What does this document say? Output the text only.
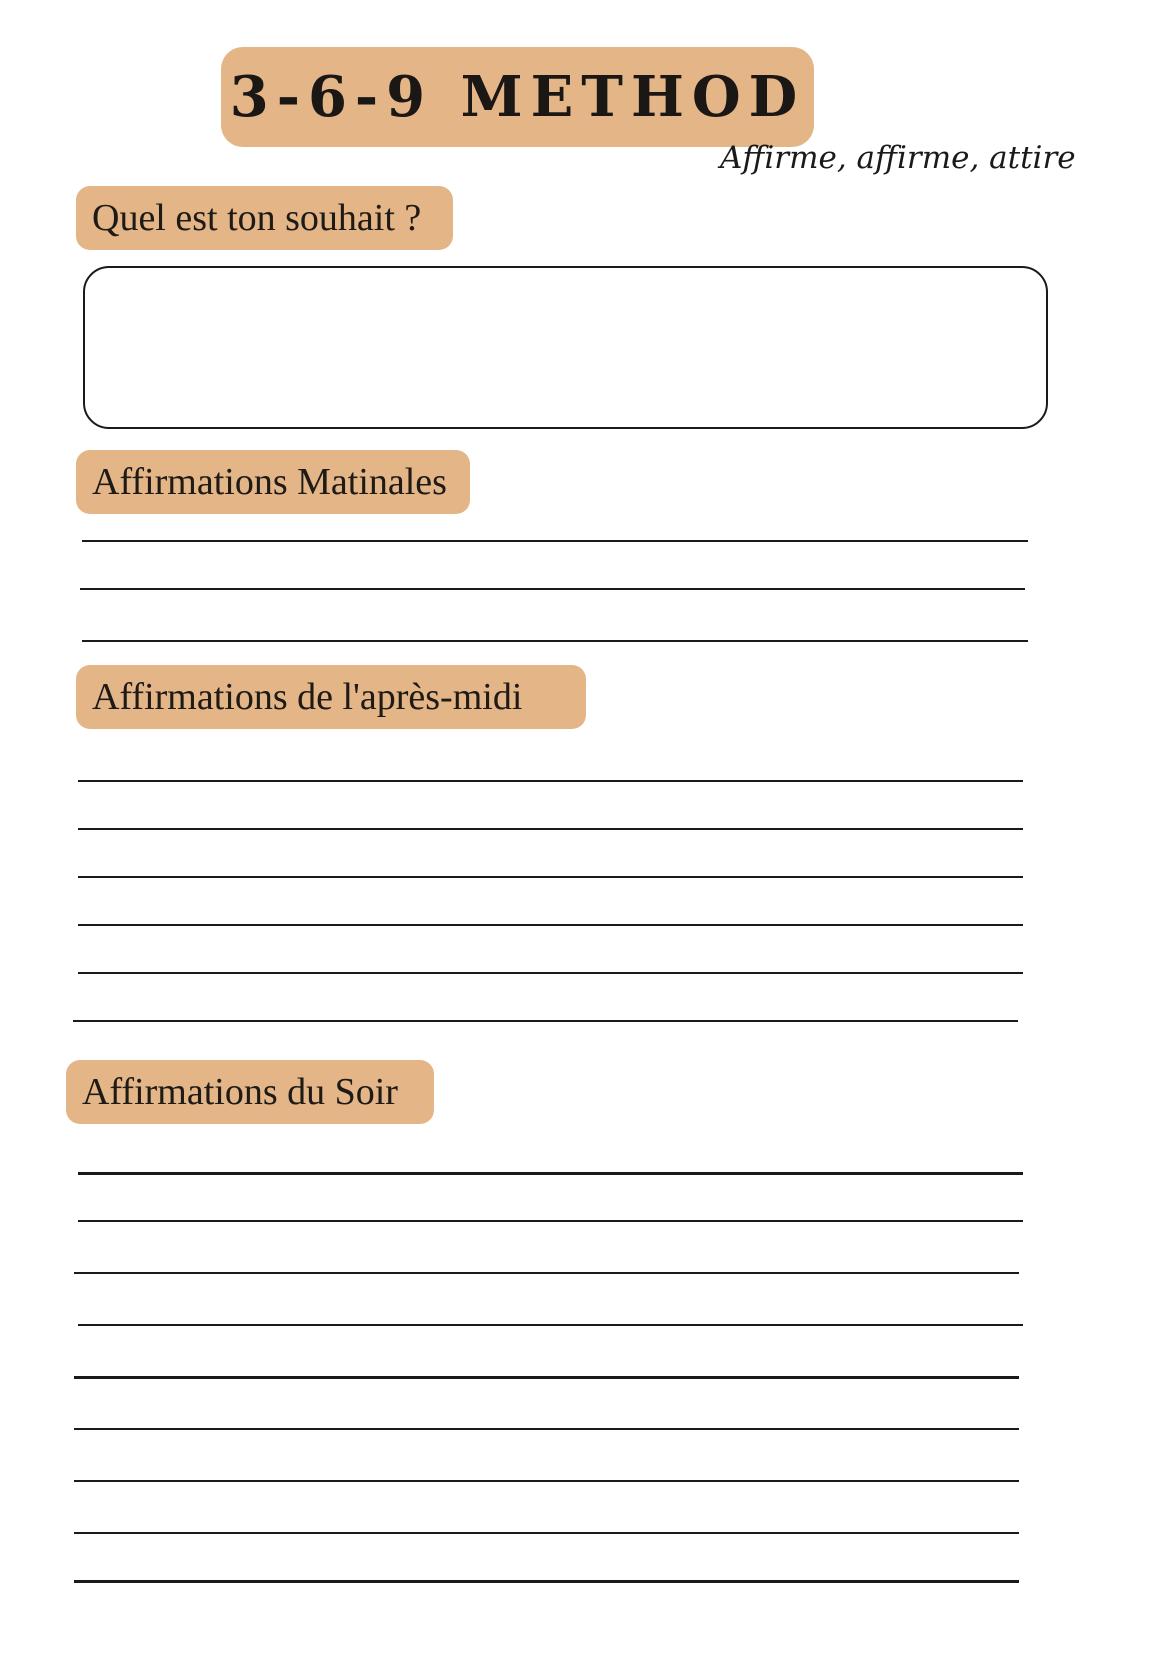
3-6-9 METHOD
Affirme, affirme, attire
Quel est ton souhait ?
Affirmations Matinales
Affirmations de l'après-midi
Affirmations du Soir
